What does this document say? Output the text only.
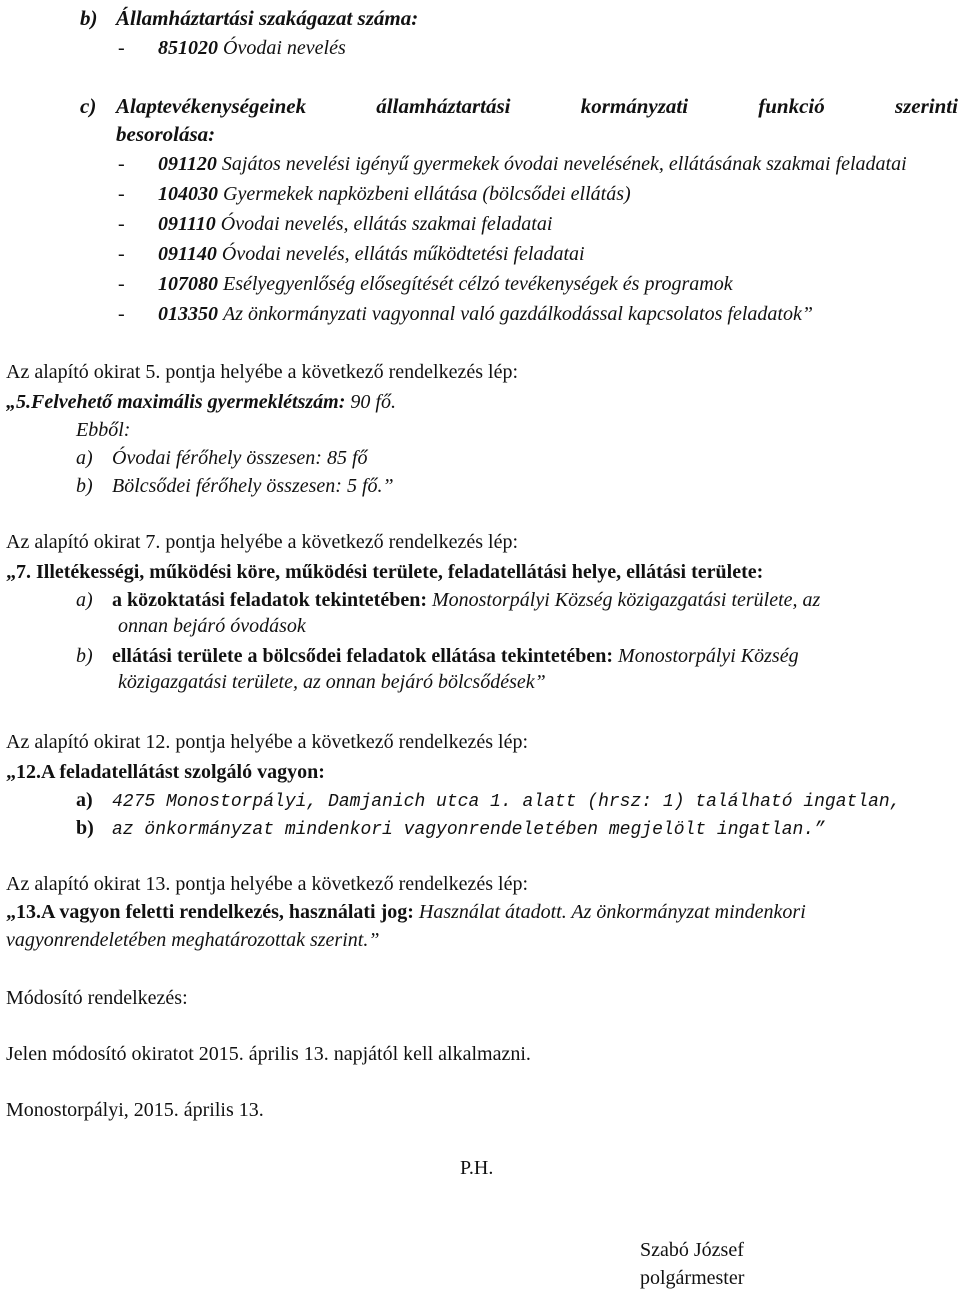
b) Államháztartási szakágazat száma:
- 851020 Óvodai nevelés
c) Alaptevékenységeinek	államháztartási	kormányzati	funkció	szerinti
besorolása:
- 091120 Sajátos nevelési igényű gyermekek óvodai nevelésének, ellátásának szakmai feladatai
- 104030 Gyermekek napközbeni ellátása (bölcsődei ellátás)
- 091110 Óvodai nevelés, ellátás szakmai feladatai
- 091140 Óvodai nevelés, ellátás működtetési feladatai
- 107080 Esélyegyenlőség elősegítését célzó tevékenységek és programok
- 013350 Az önkormányzati vagyonnal való gazdálkodással kapcsolatos feladatok”
Az alapító okirat 5. pontja helyébe a következő rendelkezés lép:
„5.Felvehető maximális gyermeklétszám: 90 fő.
Ebből:
a) Óvodai férőhely összesen: 85 fő
b) Bölcsődei férőhely összesen: 5 fő.”
Az alapító okirat 7. pontja helyébe a következő rendelkezés lép:
„7. Illetékességi, működési köre, működési területe, feladatellátási helye, ellátási területe:
a) a közoktatási feladatok tekintetében: Monostorpályi Község közigazgatási területe, az
onnan bejáró óvodások
b) ellátási területe a bölcsődei feladatok ellátása tekintetében: Monostorpályi Község
közigazgatási területe, az onnan bejáró bölcsődések”
Az alapító okirat 12. pontja helyébe a következő rendelkezés lép:
„12.A feladatellátást szolgáló vagyon:
a) 4275 Monostorpályi, Damjanich utca 1. alatt (hrsz: 1) található ingatlan,
b) az önkormányzat mindenkori vagyonrendeletében megjelölt ingatlan.”
Az alapító okirat 13. pontja helyébe a következő rendelkezés lép:
„13.A vagyon feletti rendelkezés, használati jog: Használat átadott. Az önkormányzat mindenkori
vagyonrendeletében meghatározottak szerint.”
Módosító rendelkezés:
Jelen módosító okiratot 2015. április 13. napjától kell alkalmazni.
Monostorpályi, 2015. április 13.
P.H.
Szabó József
polgármester
